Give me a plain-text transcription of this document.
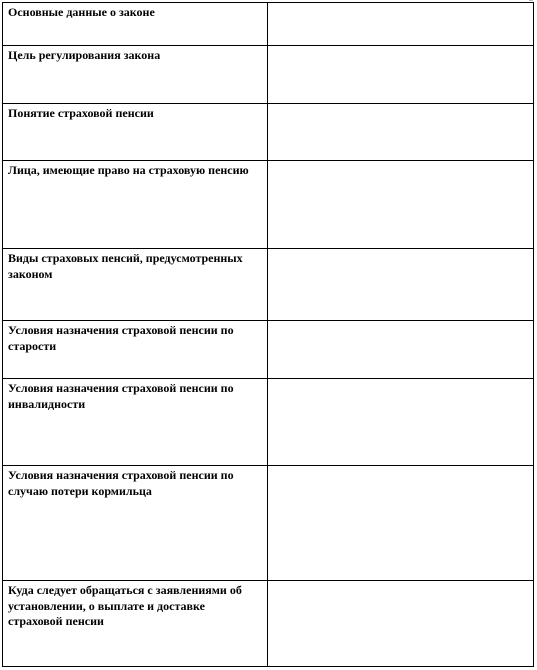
Основные данные о законе	
Цель регулирования закона	
Понятие страховой пенсии	
Лица, имеющие право на страховую пенсию	
Виды страховых пенсий, предусмотренных законом	
Условия назначения страховой пенсии по старости	
Условия назначения страховой пенсии по инвалидности	
Условия назначения страховой пенсии по случаю потери кормильца	
Куда следует обращаться с заявлениями об установлении, о выплате и доставке страховой пенсии	
